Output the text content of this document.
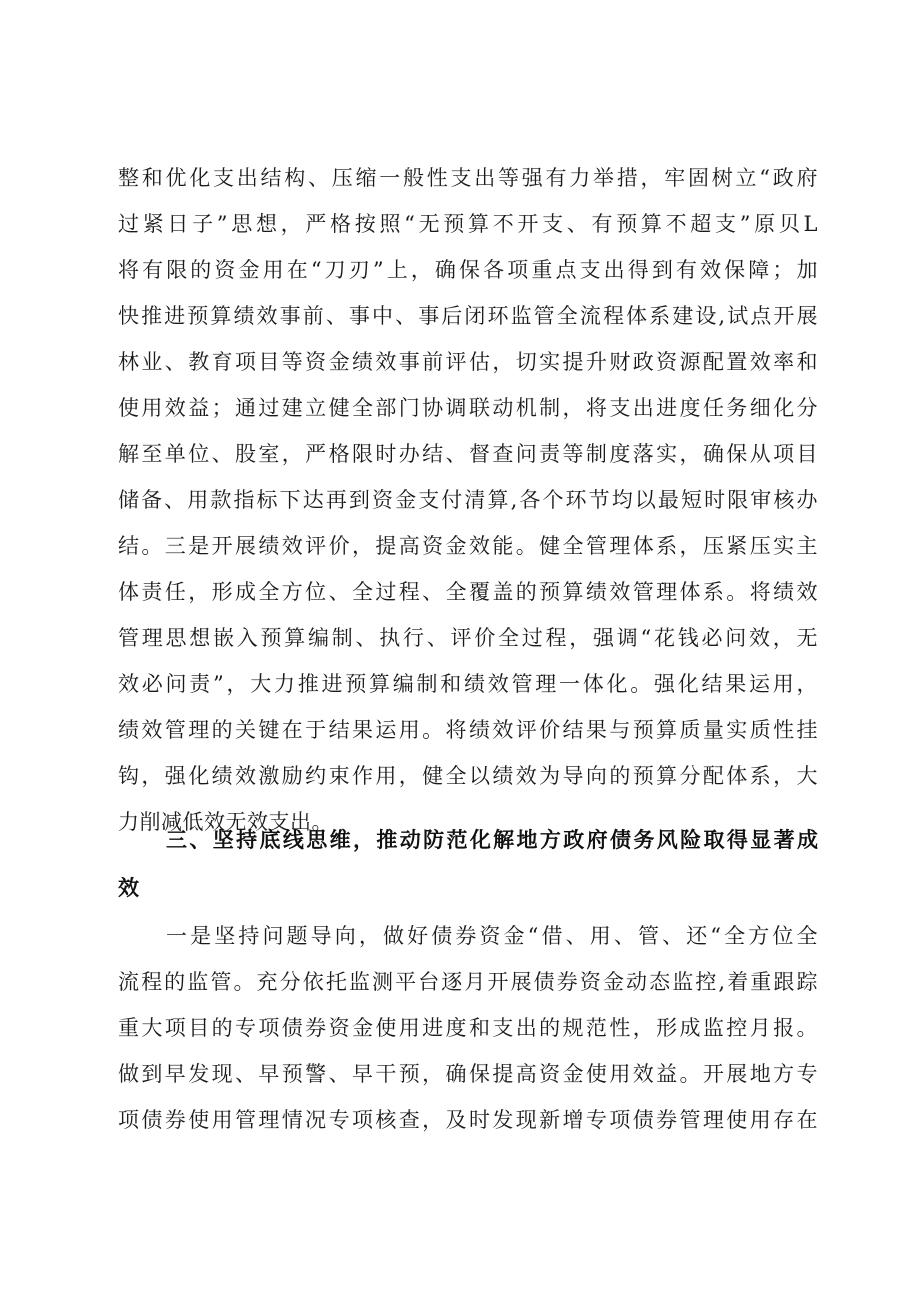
整和优化支出结构、压缩一般性支出等强有力举措，牢固树立“政府
过紧日子”思想，严格按照“无预算不开支、有预算不超支”原贝L
将有限的资金用在“刀刃”上，确保各项重点支出得到有效保障；加
快推进预算绩效事前、事中、事后闭环监管全流程体系建设,试点开展
林业、教育项目等资金绩效事前评估，切实提升财政资源配置效率和
使用效益；通过建立健全部门协调联动机制，将支出进度任务细化分
解至单位、股室，严格限时办结、督查问责等制度落实，确保从项目
储备、用款指标下达再到资金支付清算,各个环节均以最短时限审核办
结。三是开展绩效评价，提高资金效能。健全管理体系，压紧压实主
体责任，形成全方位、全过程、全覆盖的预算绩效管理体系。将绩效
管理思想嵌入预算编制、执行、评价全过程，强调“花钱必问效，无
效必问责”，大力推进预算编制和绩效管理一体化。强化结果运用，
绩效管理的关键在于结果运用。将绩效评价结果与预算质量实质性挂
钩，强化绩效激励约束作用，健全以绩效为导向的预算分配体系，大
力削减低效无效支出。
三、坚持底线思维，推动防范化解地方政府债务风险取得显著成
效
一是坚持问题导向，做好债券资金“借、用、管、还“全方位全
流程的监管。充分依托监测平台逐月开展债券资金动态监控,着重跟踪
重大项目的专项债券资金使用进度和支出的规范性，形成监控月报。
做到早发现、早预警、早干预，确保提高资金使用效益。开展地方专
项债券使用管理情况专项核查，及时发现新增专项债券管理使用存在
